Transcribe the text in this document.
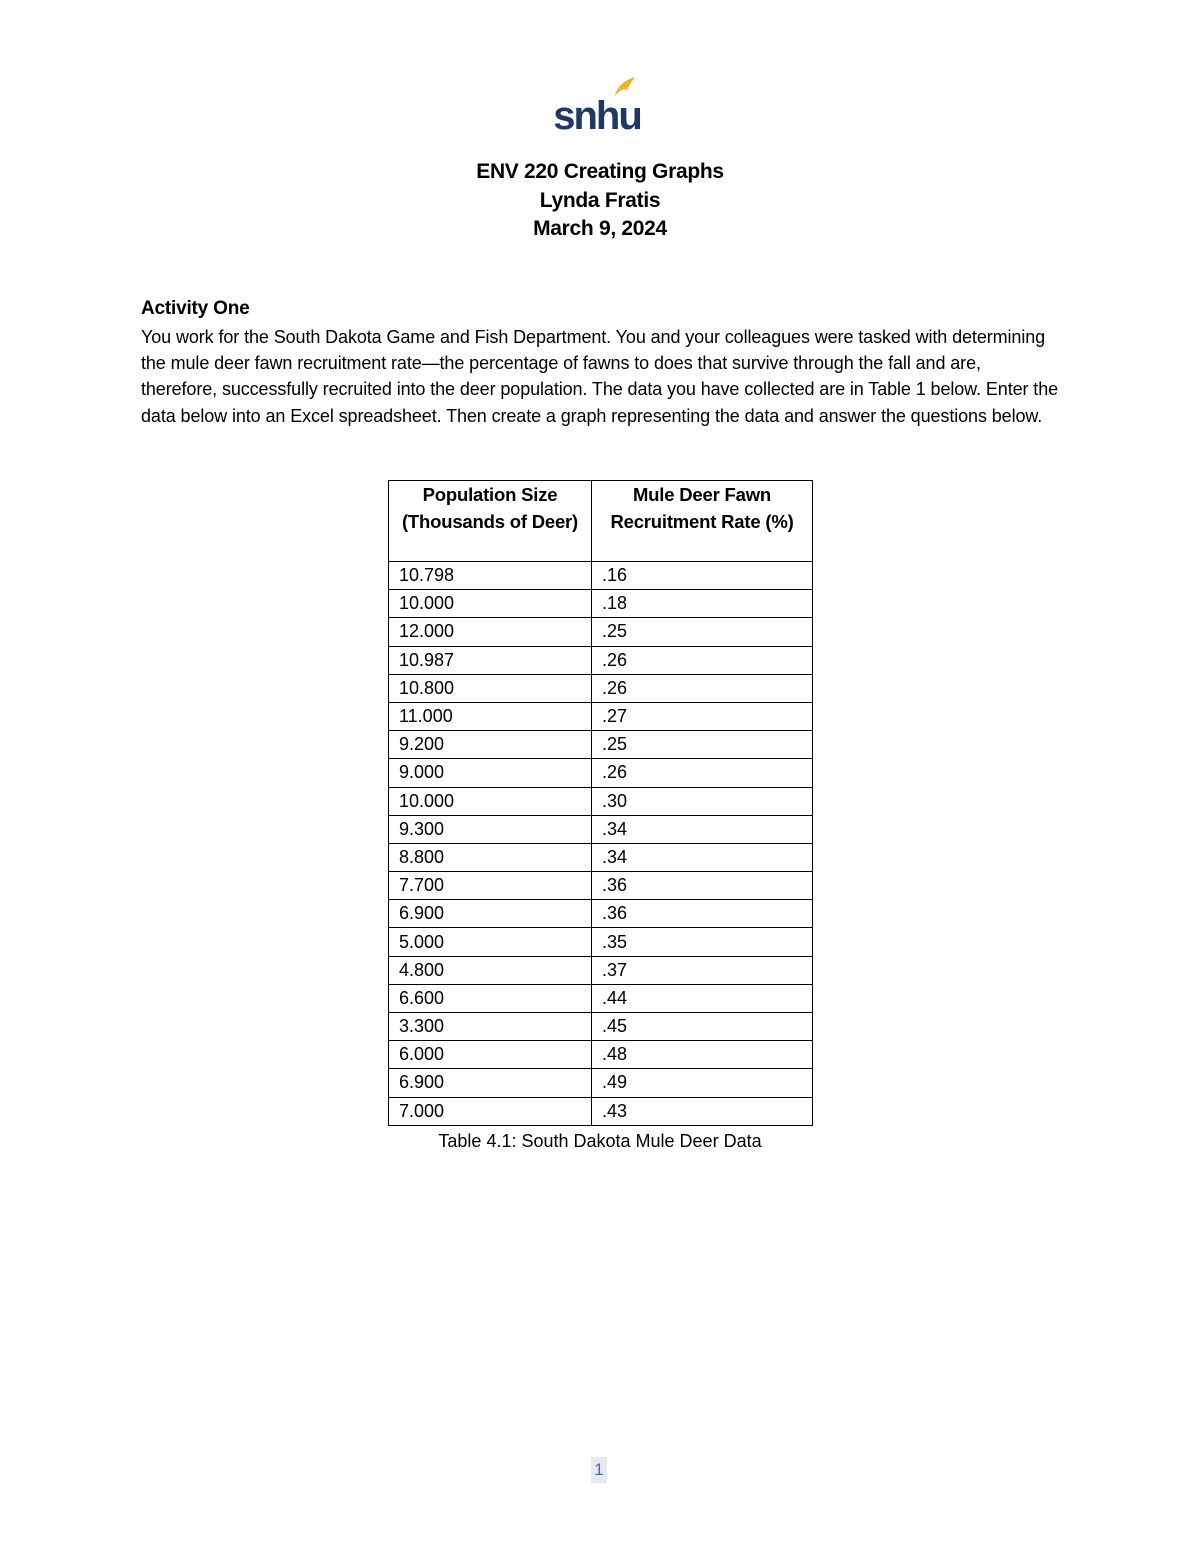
snhu
ENV 220 Creating Graphs
Lynda Fratis
March 9, 2024
Activity One
You work for the South Dakota Game and Fish Department. You and your colleagues were tasked with determining the mule deer fawn recruitment rate—the percentage of fawns to does that survive through the fall and are, therefore, successfully recruited into the deer population. The data you have collected are in Table 1 below. Enter the data below into an Excel spreadsheet. Then create a graph representing the data and answer the questions below.
Population Size (Thousands of Deer)	Mule Deer Fawn Recruitment Rate (%)
10.798	.16
10.000	.18
12.000	.25
10.987	.26
10.800	.26
11.000	.27
9.200	.25
9.000	.26
10.000	.30
9.300	.34
8.800	.34
7.700	.36
6.900	.36
5.000	.35
4.800	.37
6.600	.44
3.300	.45
6.000	.48
6.900	.49
7.000	.43
Table 4.1: South Dakota Mule Deer Data
1
